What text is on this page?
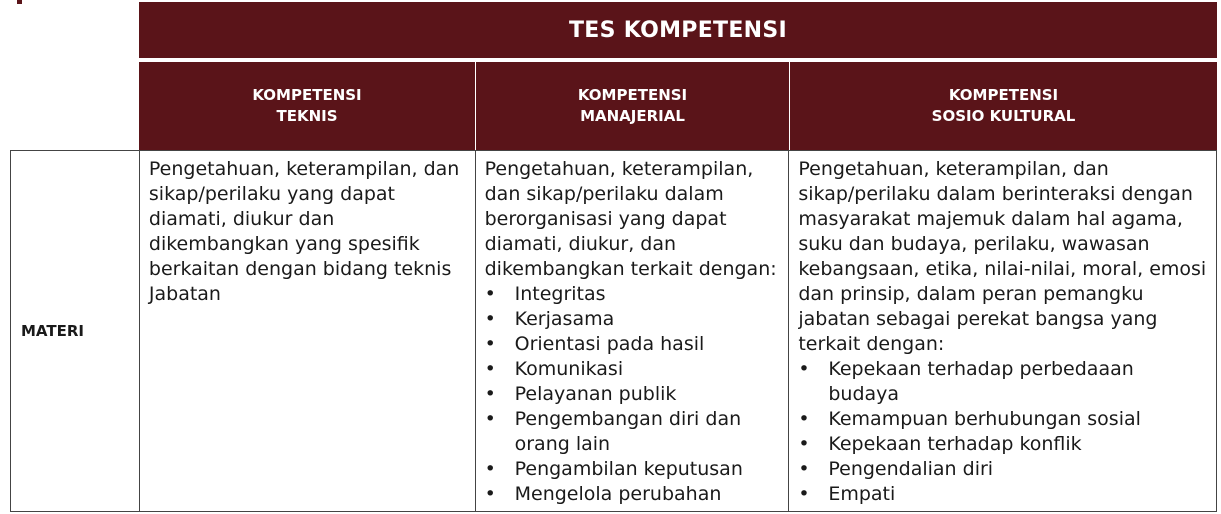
TES KOMPETENSI
KOMPETENSI
TEKNIS
KOMPETENSI
MANAJERIAL
KOMPETENSI
SOSIO KULTURAL
MATERI

Pengetahuan, keterampilan, dan sikap/perilaku yang dapat diamati, diukur dan dikembangkan yang spesifik berkaitan dengan bidang teknis Jabatan

Pengetahuan, keterampilan, dan sikap/perilaku dalam berorganisasi yang dapat diamati, diukur, dan dikembangkan terkait dengan:

• Integritas
• Kerjasama
• Orientasi pada hasil
• Komunikasi
• Pelayanan publik
• Pengembangan diri dan orang lain
• Pengambilan keputusan
• Mengelola perubahan

Pengetahuan, keterampilan, dan sikap/perilaku dalam berinteraksi dengan masyarakat majemuk dalam hal agama, suku dan budaya, perilaku, wawasan kebangsaan, etika, nilai-nilai, moral, emosi dan prinsip, dalam peran pemangku jabatan sebagai perekat bangsa yang terkait dengan:

• Kepekaan terhadap perbedaaan budaya
• Kemampuan berhubungan sosial
• Kepekaan terhadap konflik
• Pengendalian diri
• Empati
